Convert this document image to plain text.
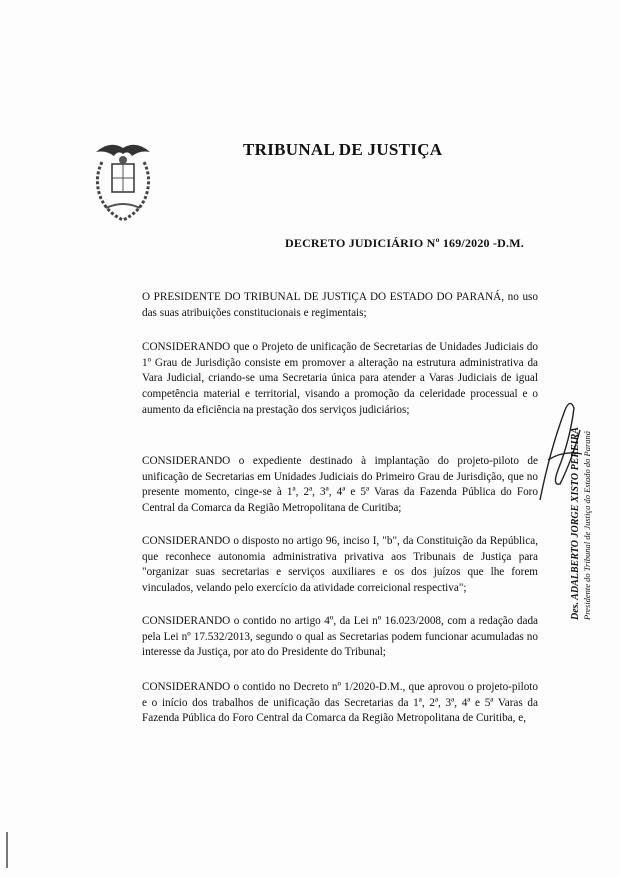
TRIBUNAL DE JUSTIÇA
DECRETO JUDICIÁRIO Nº 169/2020 -D.M.

O PRESIDENTE DO TRIBUNAL DE JUSTIÇA DO ESTADO DO PARANÁ, no uso das suas atribuições constitucionais e regimentais;

CONSIDERANDO que o Projeto de unificação de Secretarias de Unidades Judiciais do 1º Grau de Jurisdição consiste em promover a alteração na estrutura administrativa da Vara Judicial, criando-se uma Secretaria única para atender a Varas Judiciais de igual competência material e territorial, visando a promoção da celeridade processual e o aumento da eficiência na prestação dos serviços judiciários;

CONSIDERANDO o expediente destinado à implantação do projeto-piloto de unificação de Secretarias em Unidades Judiciais do Primeiro Grau de Jurisdição, que no presente momento, cinge-se à 1ª, 2ª, 3ª, 4ª e 5ª Varas da Fazenda Pública do Foro Central da Comarca da Região Metropolitana de Curitiba;

CONSIDERANDO o disposto no artigo 96, inciso I, "b", da Constituição da República, que reconhece autonomia administrativa privativa aos Tribunais de Justiça para "organizar suas secretarias e serviços auxiliares e os dos juízos que lhe forem vinculados, velando pelo exercício da atividade correicional respectiva";

CONSIDERANDO o contido no artigo 4º, da Lei nº 16.023/2008, com a redação dada pela Lei nº 17.532/2013, segundo o qual as Secretarias podem funcionar acumuladas no interesse da Justiça, por ato do Presidente do Tribunal;

CONSIDERANDO o contido no Decreto nº 1/2020-D.M., que aprovou o projeto-piloto e o início dos trabalhos de unificação das Secretarias da 1ª, 2ª, 3ª, 4ª e 5ª Varas da Fazenda Pública do Foro Central da Comarca da Região Metropolitana de Curitiba, e,

Des. ADALBERTO JORGE XISTO PEREIRA Presidente do Tribunal de Justiça do Estado do Paraná
